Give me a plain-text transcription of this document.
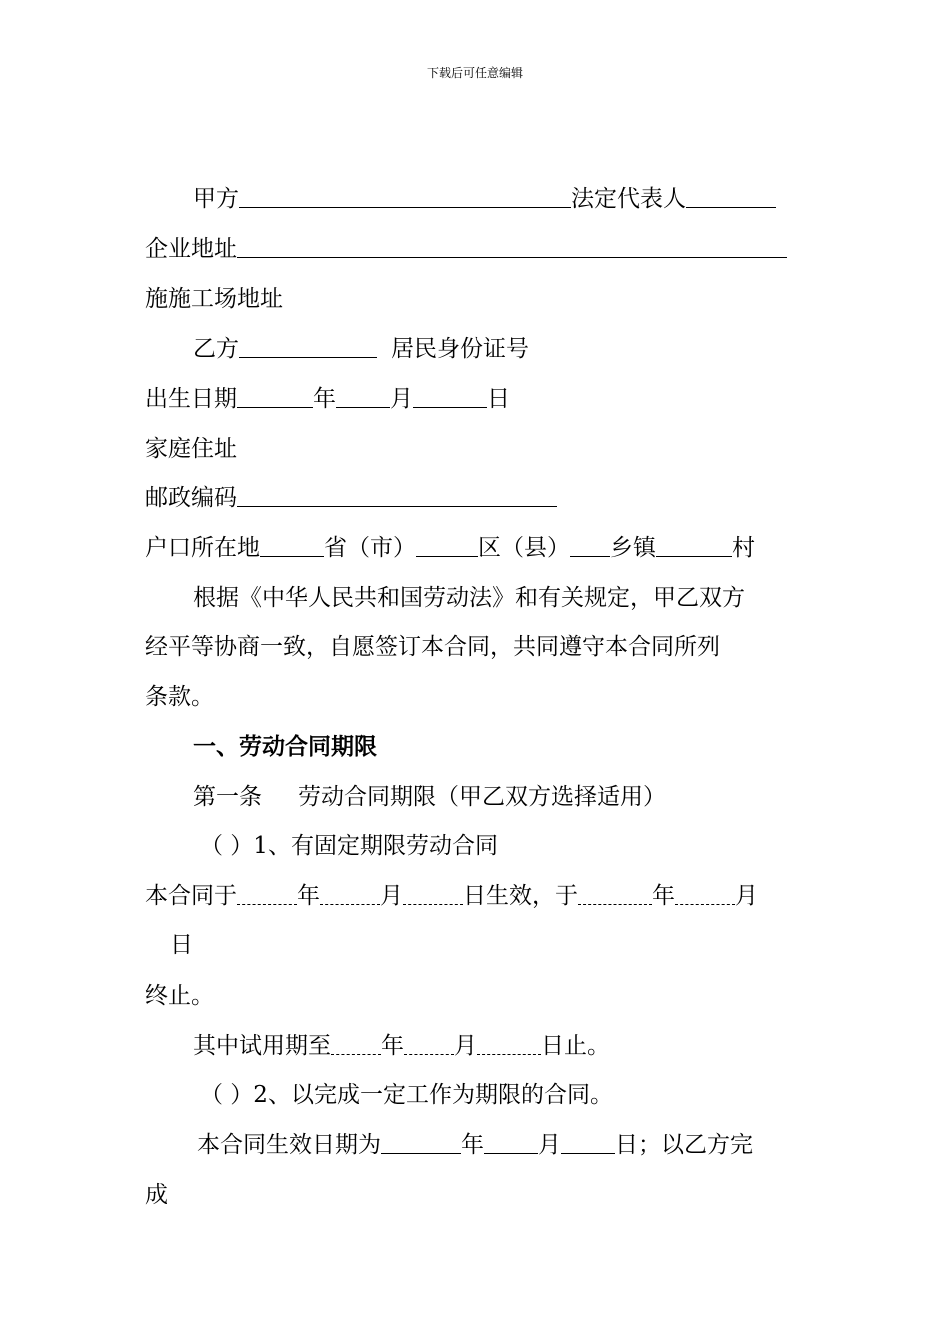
下载后可任意编辑
甲方	法定代表人
企业地址
施施工场地址
乙方	居民身份证号
出生日期	年 月	日
家庭住址
邮政编码
户口所在地	省（市）	区（县） 乡镇	村
根据《中华人民共和国劳动法》和有关规定，甲乙双方
经平等协商一致，自愿签订本合同，共同遵守本合同所列
条款。
一、劳动合同期限
第一条 劳动合同期限（甲乙双方选择适用）
（ ）1、有固定期限劳动合同
本合同于	年	月	日生效，于	年	月
日
终止。
其中试用期至 年 月	日止。
（ ）2、以完成一定工作为期限的合同。
本合同生效日期为	年 月 日；以乙方完
成
